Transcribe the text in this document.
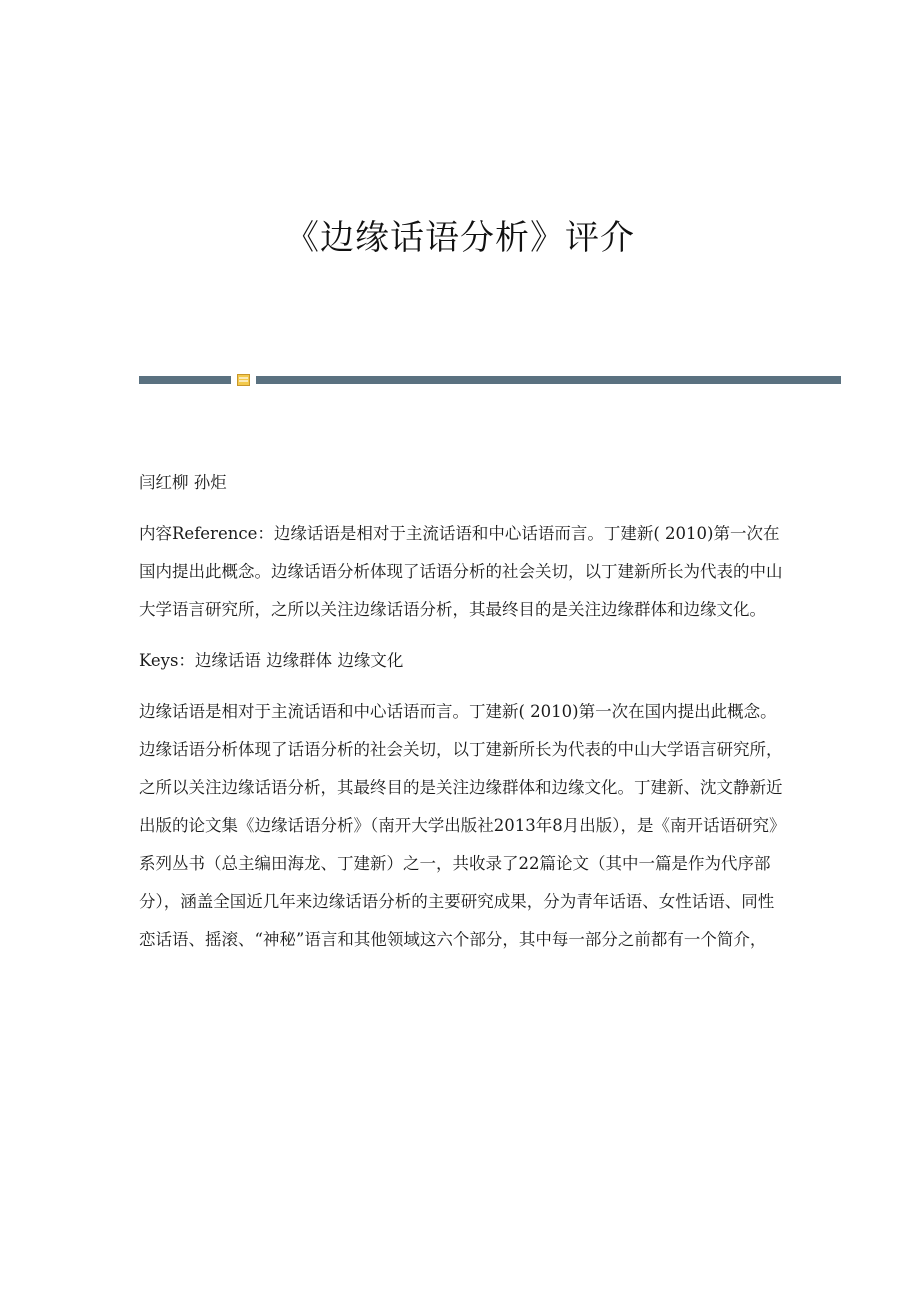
《边缘话语分析》评介

闫红柳 孙炬

内容Reference：边缘话语是相对于主流话语和中心话语而言。丁建新( 2010)第一次在国内提出此概念。边缘话语分析体现了话语分析的社会关切，以丁建新所长为代表的中山大学语言研究所，之所以关注边缘话语分析，其最终目的是关注边缘群体和边缘文化。

Keys：边缘话语 边缘群体 边缘文化

边缘话语是相对于主流话语和中心话语而言。丁建新( 2010)第一次在国内提出此概念。边缘话语分析体现了话语分析的社会关切，以丁建新所长为代表的中山大学语言研究所，之所以关注边缘话语分析，其最终目的是关注边缘群体和边缘文化。丁建新、沈文静新近出版的论文集《边缘话语分析》（南开大学出版社2013年8月出版），是《南开话语研究》系列丛书（总主编田海龙、丁建新）之一，共收录了22篇论文（其中一篇是作为代序部分），涵盖全国近几年来边缘话语分析的主要研究成果，分为青年话语、女性话语、同性恋话语、摇滚、“神秘”语言和其他领域这六个部分，其中每一部分之前都有一个简介，
